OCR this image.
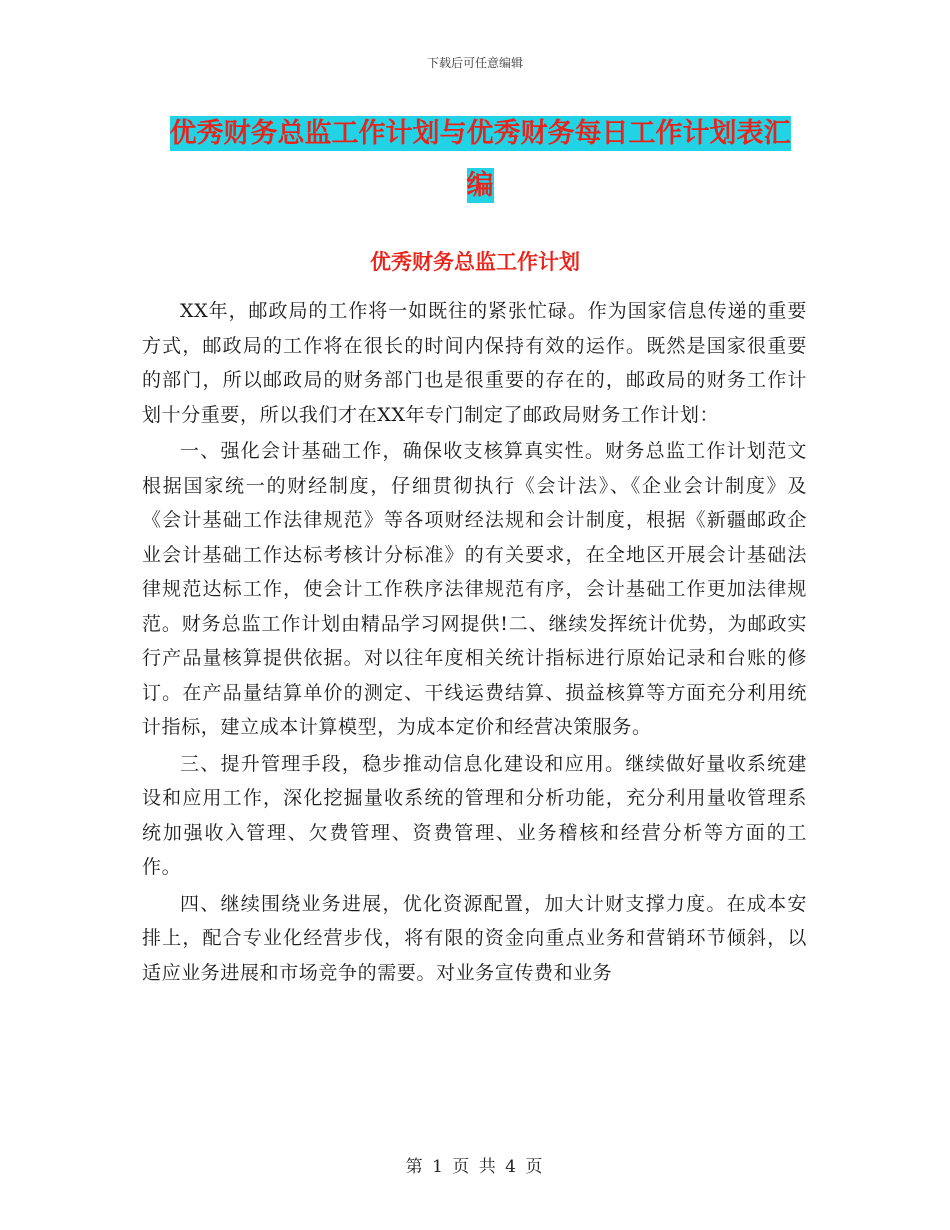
下载后可任意编辑
优秀财务总监工作计划与优秀财务每日工作计划表汇
编
优秀财务总监工作计划

XX年，邮政局的工作将一如既往的紧张忙碌。作为国家信息传递的重要方式，邮政局的工作将在很长的时间内保持有效的运作。既然是国家很重要的部门，所以邮政局的财务部门也是很重要的存在的，邮政局的财务工作计划十分重要，所以我们才在XX年专门制定了邮政局财务工作计划：

一、强化会计基础工作，确保收支核算真实性。财务总监工作计划范文根据国家统一的财经制度，仔细贯彻执行《会计法》、《企业会计制度》及《会计基础工作法律规范》等各项财经法规和会计制度，根据《新疆邮政企业会计基础工作达标考核计分标准》的有关要求，在全地区开展会计基础法律规范达标工作，使会计工作秩序法律规范有序，会计基础工作更加法律规范。财务总监工作计划由精品学习网提供!二、继续发挥统计优势，为邮政实行产品量核算提供依据。对以往年度相关统计指标进行原始记录和台账的修订。在产品量结算单价的测定、干线运费结算、损益核算等方面充分利用统计指标，建立成本计算模型，为成本定价和经营决策服务。

三、提升管理手段，稳步推动信息化建设和应用。继续做好量收系统建设和应用工作，深化挖掘量收系统的管理和分析功能，充分利用量收管理系统加强收入管理、欠费管理、资费管理、业务稽核和经营分析等方面的工作。

四、继续围绕业务进展，优化资源配置，加大计财支撑力度。在成本安排上，配合专业化经营步伐，将有限的资金向重点业务和营销环节倾斜，以适应业务进展和市场竞争的需要。对业务宣传费和业务

第 1 页 共 4 页
